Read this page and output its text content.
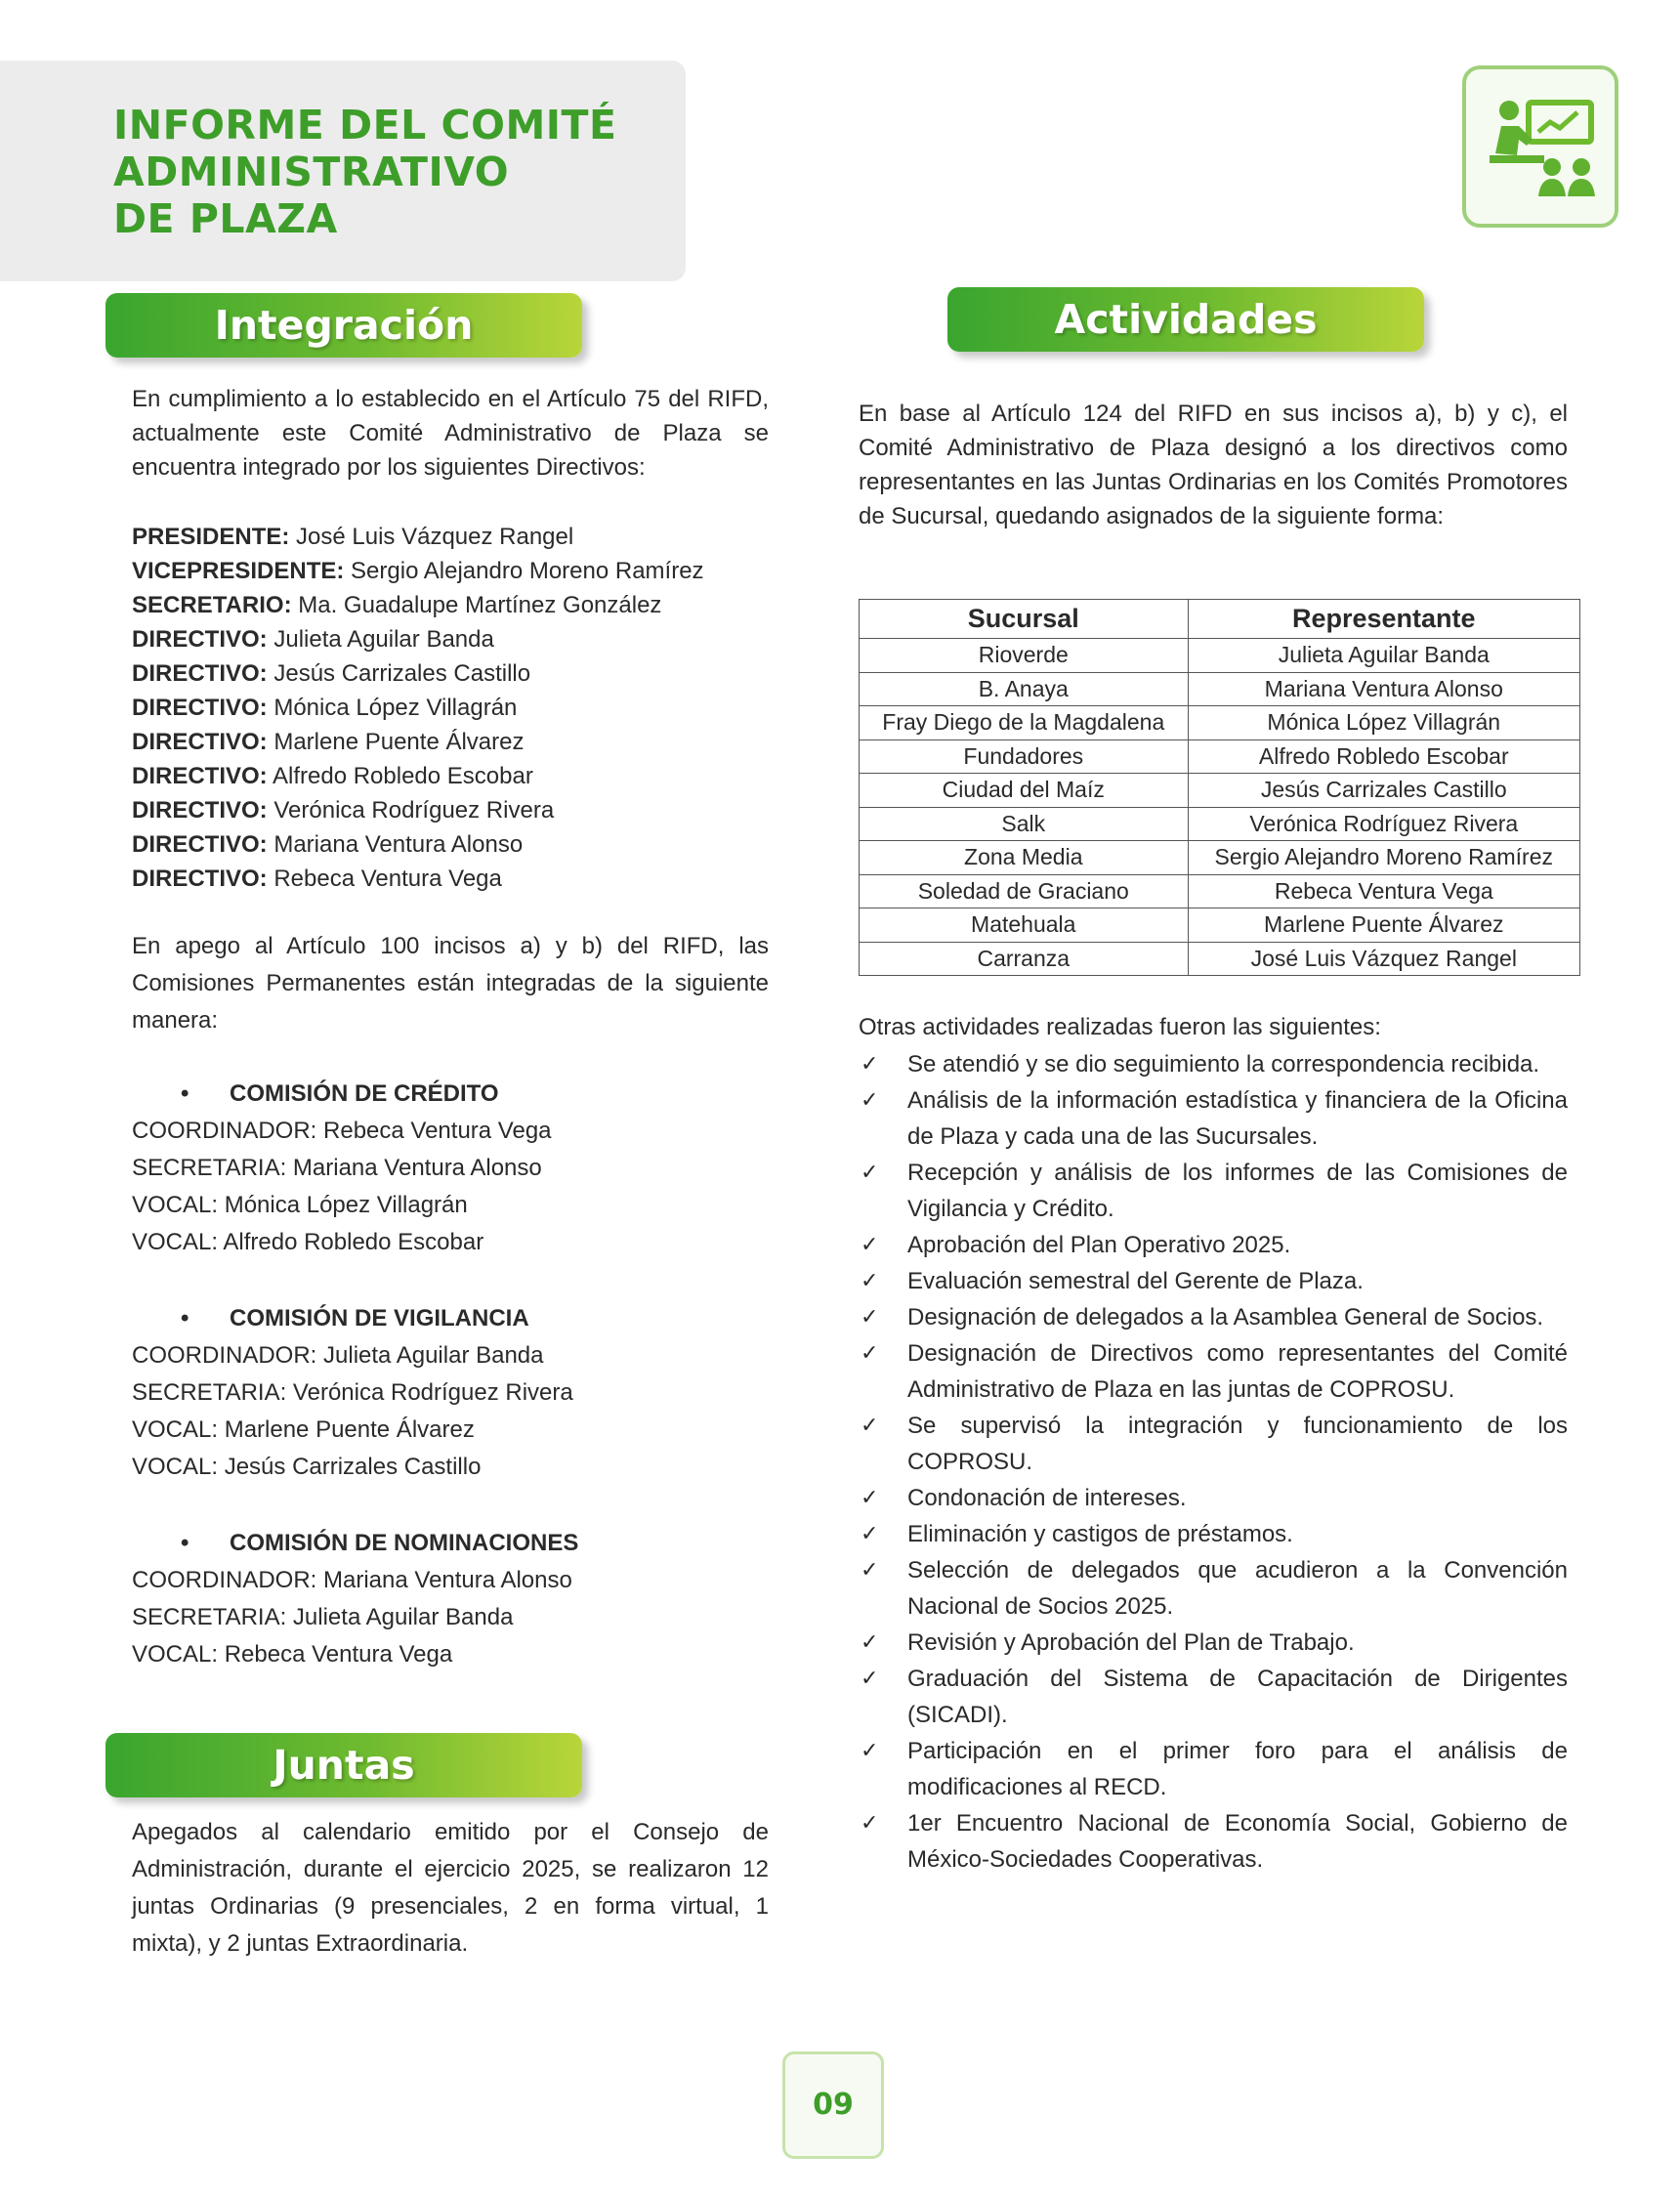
INFORME DEL COMITÉ
ADMINISTRATIVO
DE PLAZA
Integración
En cumplimiento a lo establecido en el Artículo 75 del RIFD, actualmente este Comité Administrativo de Plaza se encuentra integrado por los siguientes Directivos:
PRESIDENTE: José Luis Vázquez Rangel
VICEPRESIDENTE: Sergio Alejandro Moreno Ramírez
SECRETARIO: Ma. Guadalupe Martínez González
DIRECTIVO: Julieta Aguilar Banda
DIRECTIVO: Jesús Carrizales Castillo
DIRECTIVO: Mónica López Villagrán
DIRECTIVO: Marlene Puente Álvarez
DIRECTIVO: Alfredo Robledo Escobar
DIRECTIVO: Verónica Rodríguez Rivera
DIRECTIVO: Mariana Ventura Alonso
DIRECTIVO: Rebeca Ventura Vega
En apego al Artículo 100 incisos a) y b) del RIFD, las Comisiones Permanentes están integradas de la siguiente manera:
• COMISIÓN DE CRÉDITO
COORDINADOR: Rebeca Ventura Vega
SECRETARIA: Mariana Ventura Alonso
VOCAL: Mónica López Villagrán
VOCAL: Alfredo Robledo Escobar
• COMISIÓN DE VIGILANCIA
COORDINADOR: Julieta Aguilar Banda
SECRETARIA: Verónica Rodríguez Rivera
VOCAL: Marlene Puente Álvarez
VOCAL: Jesús Carrizales Castillo
• COMISIÓN DE NOMINACIONES
COORDINADOR: Mariana Ventura Alonso
SECRETARIA: Julieta Aguilar Banda
VOCAL: Rebeca Ventura Vega
Juntas
Apegados al calendario emitido por el Consejo de Administración, durante el ejercicio 2025, se realizaron 12 juntas Ordinarias (9 presenciales, 2 en forma virtual, 1 mixta), y 2 juntas Extraordinaria.
Actividades
En base al Artículo 124 del RIFD en sus incisos a), b) y c), el Comité Administrativo de Plaza designó a los directivos como representantes en las Juntas Ordinarias en los Comités Promotores de Sucursal, quedando asignados de la siguiente forma:
Sucursal	Representante
Rioverde	Julieta Aguilar Banda
B. Anaya	Mariana Ventura Alonso
Fray Diego de la Magdalena	Mónica López Villagrán
Fundadores	Alfredo Robledo Escobar
Ciudad del Maíz	Jesús Carrizales Castillo
Salk	Verónica Rodríguez Rivera
Zona Media	Sergio Alejandro Moreno Ramírez
Soledad de Graciano	Rebeca Ventura Vega
Matehuala	Marlene Puente Álvarez
Carranza	José Luis Vázquez Rangel
Otras actividades realizadas fueron las siguientes:
✓ Se atendió y se dio seguimiento la correspondencia recibida.
✓ Análisis de la información estadística y financiera de la Oficina de Plaza y cada una de las Sucursales.
✓ Recepción y análisis de los informes de las Comisiones de Vigilancia y Crédito.
✓ Aprobación del Plan Operativo 2025.
✓ Evaluación semestral del Gerente de Plaza.
✓ Designación de delegados a la Asamblea General de Socios.
✓ Designación de Directivos como representantes del Comité Administrativo de Plaza en las juntas de COPROSU.
✓ Se supervisó la integración y funcionamiento de los COPROSU.
✓ Condonación de intereses.
✓ Eliminación y castigos de préstamos.
✓ Selección de delegados que acudieron a la Convención Nacional de Socios 2025.
✓ Revisión y Aprobación del Plan de Trabajo.
✓ Graduación del Sistema de Capacitación de Dirigentes (SICADI).
✓ Participación en el primer foro para el análisis de modificaciones al RECD.
✓ 1er Encuentro Nacional de Economía Social, Gobierno de México-Sociedades Cooperativas.
09
